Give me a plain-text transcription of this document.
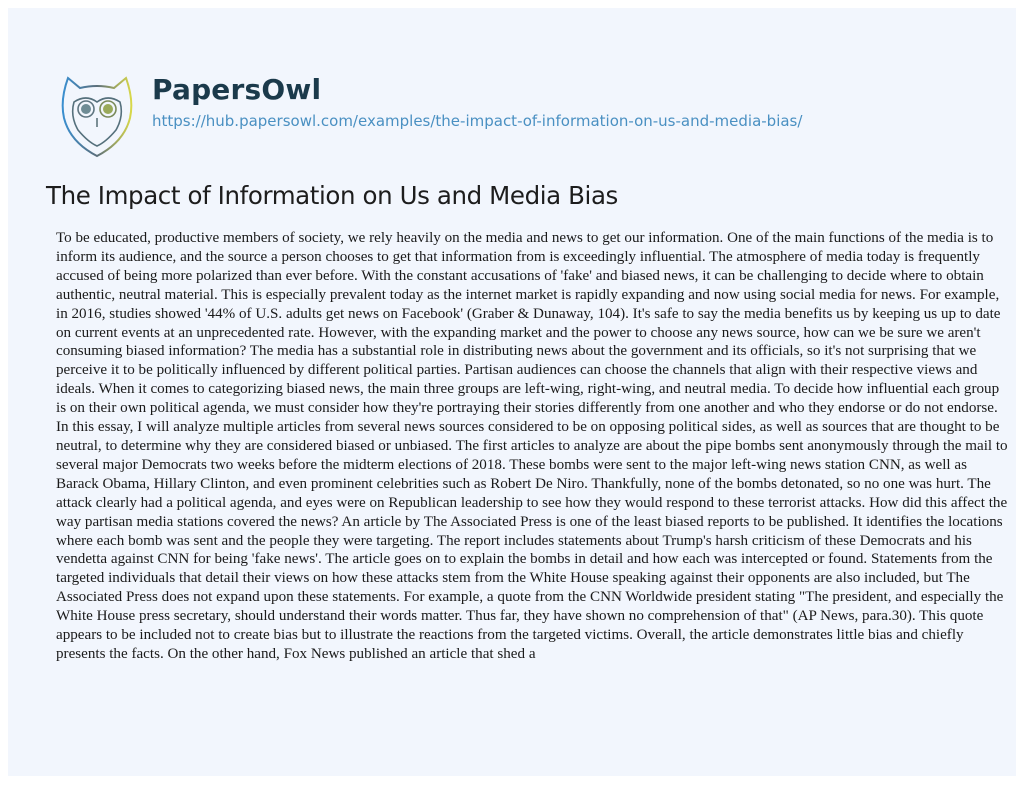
PapersOwl
https://hub.papersowl.com/examples/the-impact-of-information-on-us-and-media-bias/
The Impact of Information on Us and Media Bias

To be educated, productive members of society, we rely heavily on the media and news to get our information. One of the main functions of the media is to inform its audience, and the source a person chooses to get that information from is exceedingly influential. The atmosphere of media today is frequently accused of being more polarized than ever before. With the constant accusations of 'fake' and biased news, it can be challenging to decide where to obtain authentic, neutral material. This is especially prevalent today as the internet market is rapidly expanding and now using social media for news. For example, in 2016, studies showed '44% of U.S. adults get news on Facebook' (Graber & Dunaway, 104). It's safe to say the media benefits us by keeping us up to date on current events at an unprecedented rate. However, with the expanding market and the power to choose any news source, how can we be sure we aren't consuming biased information? The media has a substantial role in distributing news about the government and its officials, so it's not surprising that we perceive it to be politically influenced by different political parties. Partisan audiences can choose the channels that align with their respective views and ideals. When it comes to categorizing biased news, the main three groups are left-wing, right-wing, and neutral media. To decide how influential each group is on their own political agenda, we must consider how they're portraying their stories differently from one another and who they endorse or do not endorse. In this essay, I will analyze multiple articles from several news sources considered to be on opposing political sides, as well as sources that are thought to be neutral, to determine why they are considered biased or unbiased. The first articles to analyze are about the pipe bombs sent anonymously through the mail to several major Democrats two weeks before the midterm elections of 2018. These bombs were sent to the major left-wing news station CNN, as well as Barack Obama, Hillary Clinton, and even prominent celebrities such as Robert De Niro. Thankfully, none of the bombs detonated, so no one was hurt. The attack clearly had a political agenda, and eyes were on Republican leadership to see how they would respond to these terrorist attacks. How did this affect the way partisan media stations covered the news? An article by The Associated Press is one of the least biased reports to be published. It identifies the locations where each bomb was sent and the people they were targeting. The report includes statements about Trump's harsh criticism of these Democrats and his vendetta against CNN for being 'fake news'. The article goes on to explain the bombs in detail and how each was intercepted or found. Statements from the targeted individuals that detail their views on how these attacks stem from the White House speaking against their opponents are also included, but The Associated Press does not expand upon these statements. For example, a quote from the CNN Worldwide president stating "The president, and especially the White House press secretary, should understand their words matter. Thus far, they have shown no comprehension of that" (AP News, para.30). This quote appears to be included not to create bias but to illustrate the reactions from the targeted victims. Overall, the article demonstrates little bias and chiefly presents the facts. On the other hand, Fox News published an article that shed a
